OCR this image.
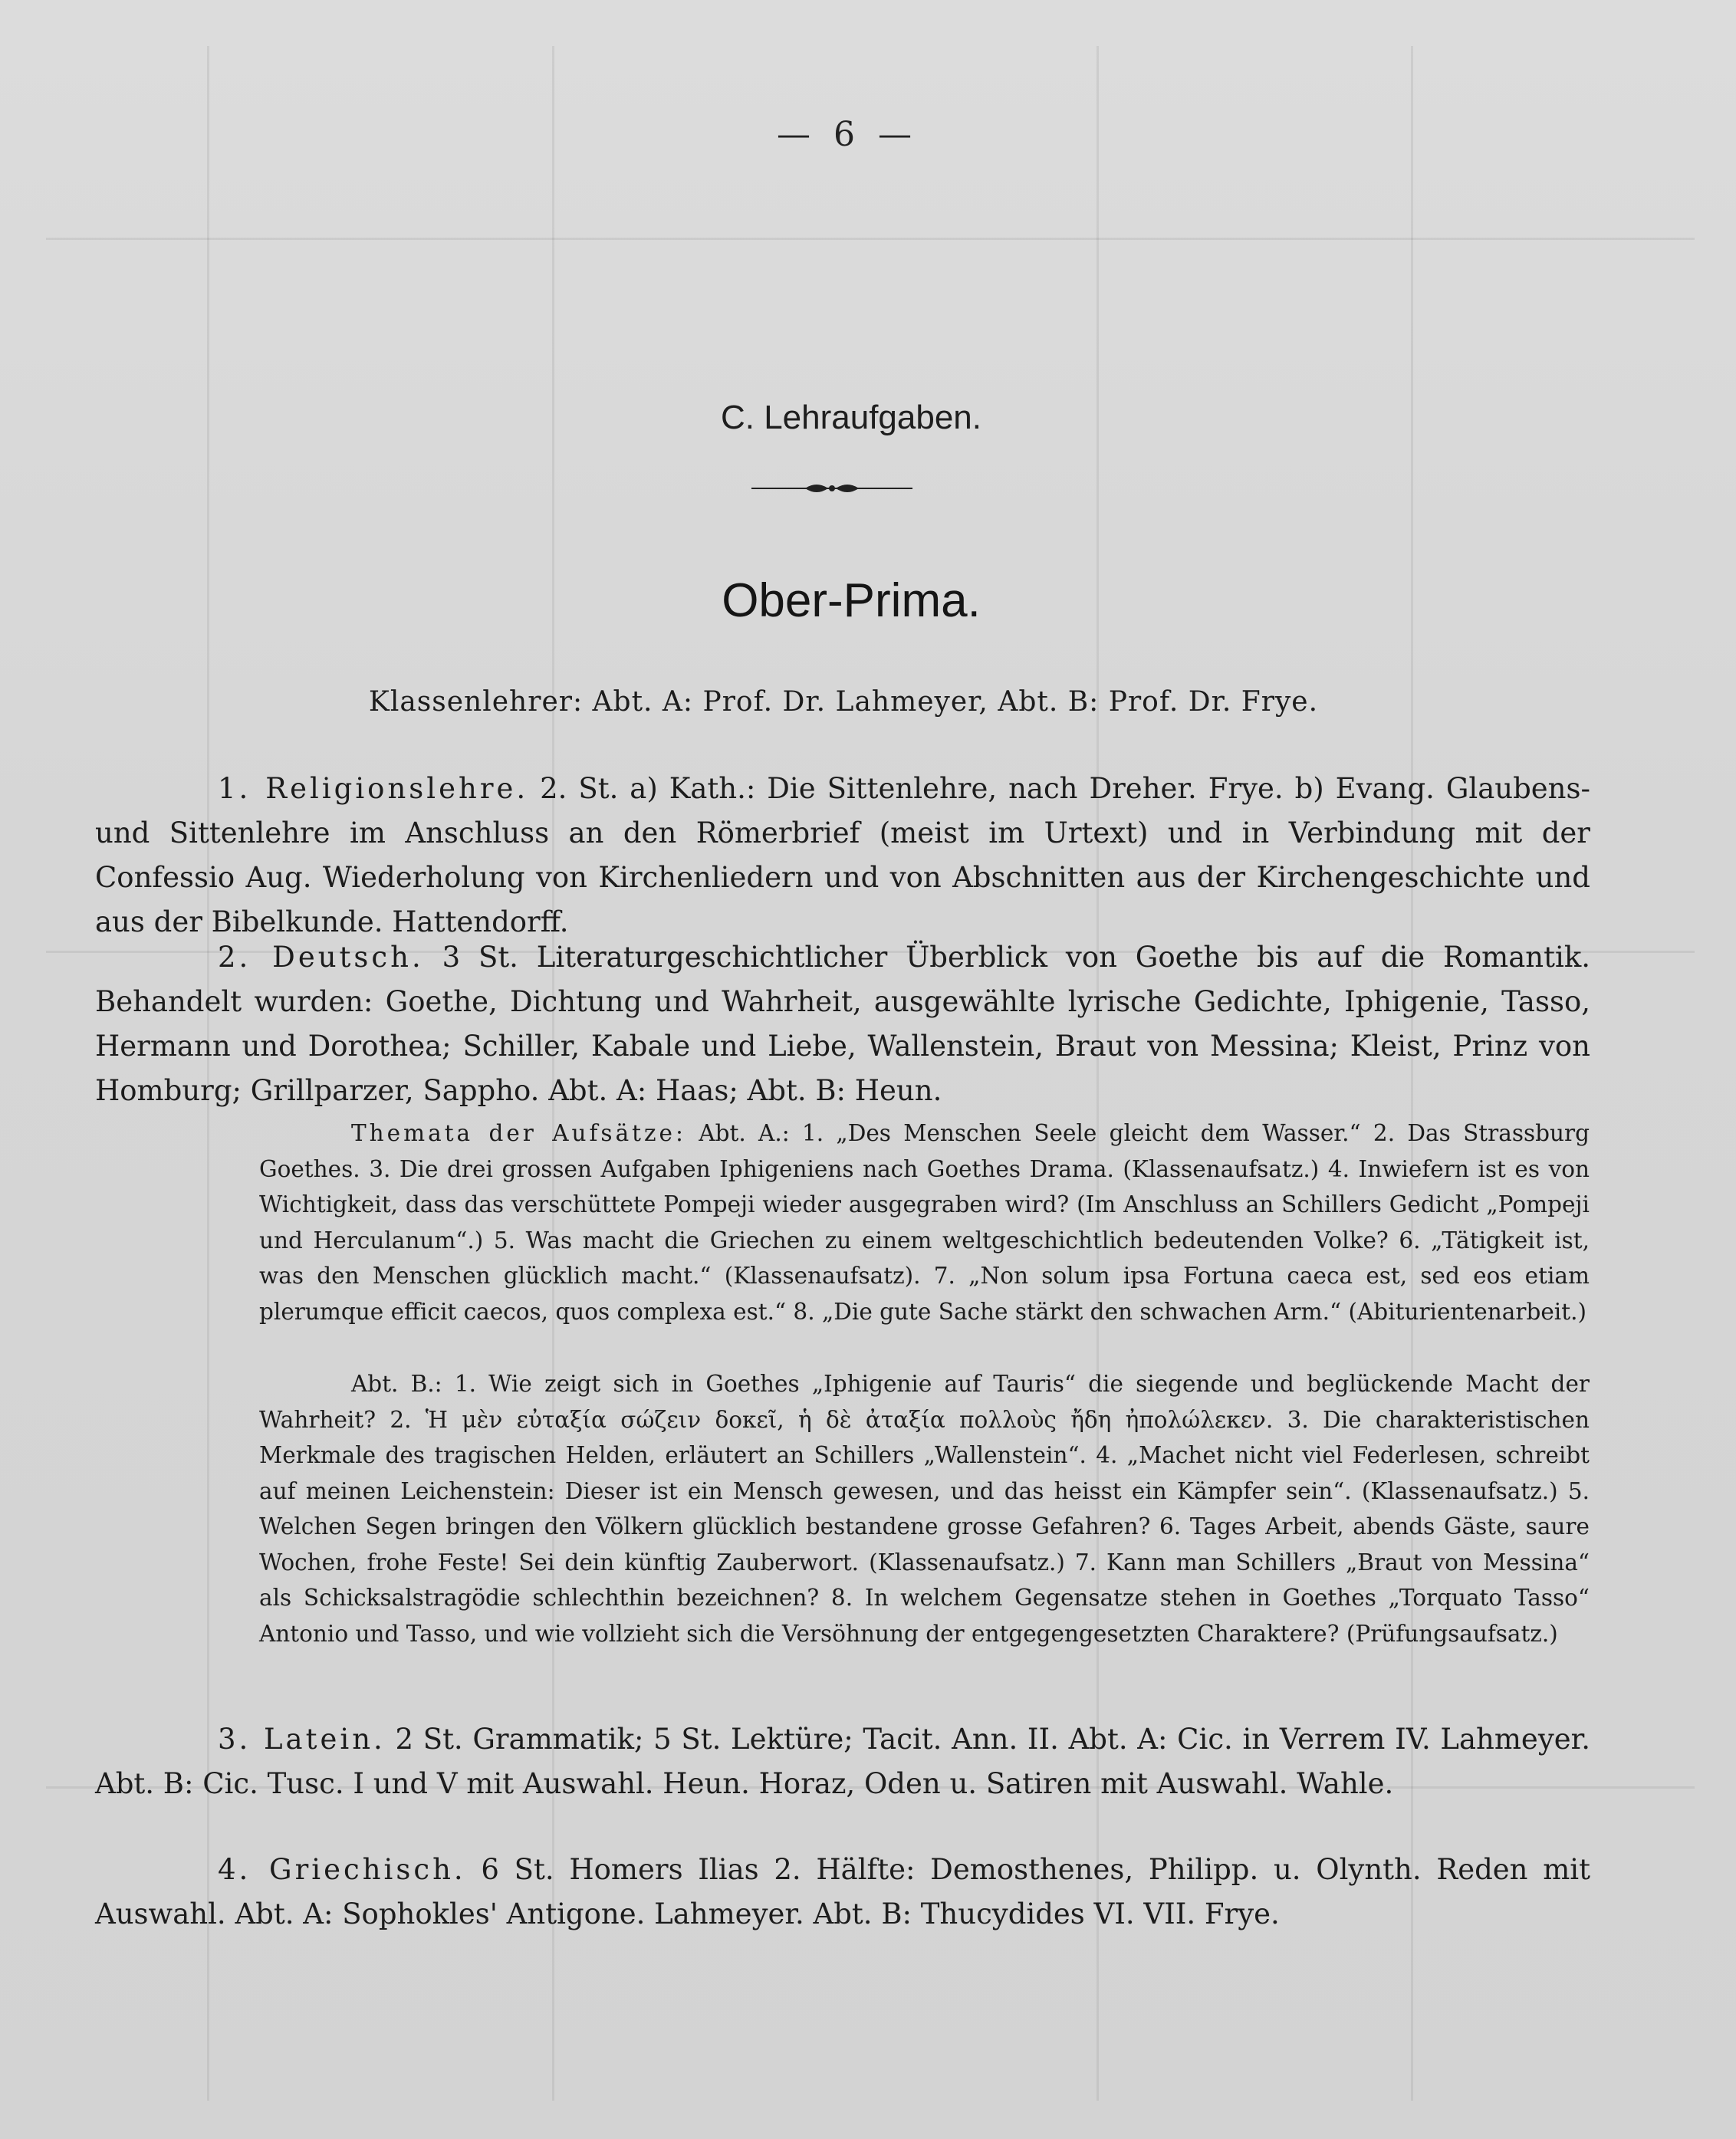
— 6 —
C. Lehraufgaben.
Ober-Prima.
Klassenlehrer: Abt. A: Prof. Dr. Lahmeyer, Abt. B: Prof. Dr. Frye.

1. Religionslehre. 2. St. a) Kath.: Die Sittenlehre, nach Dreher. Frye. b) Evang. Glaubens- und Sittenlehre im Anschluss an den Römerbrief (meist im Urtext) und in Verbindung mit der Confessio Aug. Wiederholung von Kirchenliedern und von Abschnitten aus der Kirchengeschichte und aus der Bibelkunde. Hattendorff.

2. Deutsch. 3 St. Literaturgeschichtlicher Überblick von Goethe bis auf die Romantik. Behandelt wurden: Goethe, Dichtung und Wahrheit, ausgewählte lyrische Gedichte, Iphigenie, Tasso, Hermann und Dorothea; Schiller, Kabale und Liebe, Wallenstein, Braut von Messina; Kleist, Prinz von Homburg; Grillparzer, Sappho. Abt. A: Haas; Abt. B: Heun.

Themata der Aufsätze: Abt. A.: 1. „Des Menschen Seele gleicht dem Wasser.“ 2. Das Strassburg Goethes. 3. Die drei grossen Aufgaben Iphigeniens nach Goethes Drama. (Klassenaufsatz.) 4. Inwiefern ist es von Wichtigkeit, dass das verschüttete Pompeji wieder ausgegraben wird? (Im Anschluss an Schillers Gedicht „Pompeji und Herculanum“.) 5. Was macht die Griechen zu einem weltgeschichtlich bedeutenden Volke? 6. „Tätigkeit ist, was den Menschen glücklich macht.“ (Klassenaufsatz). 7. „Non solum ipsa Fortuna caeca est, sed eos etiam plerumque efficit caecos, quos complexa est.“ 8. „Die gute Sache stärkt den schwachen Arm.“ (Abiturientenarbeit.)

Abt. B.: 1. Wie zeigt sich in Goethes „Iphigenie auf Tauris“ die siegende und beglückende Macht der Wahrheit? 2. Ἡ μὲν εὐταξία σώζειν δοκεῖ, ἡ δὲ ἀταξία πολλοὺς ἤδη ἠπολώλεκεν. 3. Die charakteristischen Merkmale des tragischen Helden, erläutert an Schillers „Wallenstein“. 4. „Machet nicht viel Federlesen, schreibt auf meinen Leichenstein: Dieser ist ein Mensch gewesen, und das heisst ein Kämpfer sein“. (Klassenaufsatz.) 5. Welchen Segen bringen den Völkern glücklich bestandene grosse Gefahren? 6. Tages Arbeit, abends Gäste, saure Wochen, frohe Feste! Sei dein künftig Zauberwort. (Klassenaufsatz.) 7. Kann man Schillers „Braut von Messina“ als Schicksalstragödie schlechthin bezeichnen? 8. In welchem Gegensatze stehen in Goethes „Torquato Tasso“ Antonio und Tasso, und wie vollzieht sich die Versöhnung der entgegengesetzten Charaktere? (Prüfungsaufsatz.)

3. Latein. 2 St. Grammatik; 5 St. Lektüre; Tacit. Ann. II. Abt. A: Cic. in Verrem IV. Lahmeyer. Abt. B: Cic. Tusc. I und V mit Auswahl. Heun. Horaz, Oden u. Satiren mit Auswahl. Wahle.

4. Griechisch. 6 St. Homers Ilias 2. Hälfte: Demosthenes, Philipp. u. Olynth. Reden mit Auswahl. Abt. A: Sophokles' Antigone. Lahmeyer. Abt. B: Thucydides VI. VII. Frye.
